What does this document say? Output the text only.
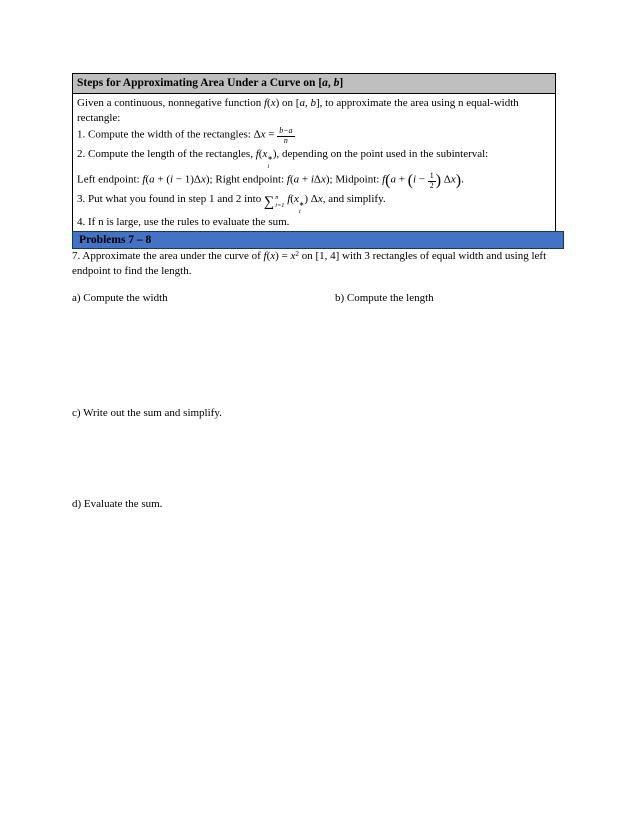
Steps for Approximating Area Under a Curve on [a, b]

Given a continuous, nonnegative function f(x) on [a, b], to approximate the area using n equal-width rectangle:

1. Compute the width of the rectangles: $\Delta x = \frac{b-a}{n}$

2. Compute the length of the rectangles, f(x ∗
i
), depending on the point used in the subinterval:

Left endpoint: f(a + (i − 1)Δx); Right endpoint: f(a + iΔx); Midpoint: $f(a + (i - \frac{1}{2}$ ) Δx).

3. Put what you found in step 1 and 2 into ∑ n
i=1 f(x ∗
i
) Δx, and simplify.

4. If n is large, use the rules to evaluate the sum.

Problems 7 – 8
7. Approximate the area under the curve of $f(x) = x^2$ on [1, 4] with 3 rectangles of equal width and using left endpoint to find the length.
a) Compute the width	b) Compute the length
c) Write out the sum and simplify.
d) Evaluate the sum.
